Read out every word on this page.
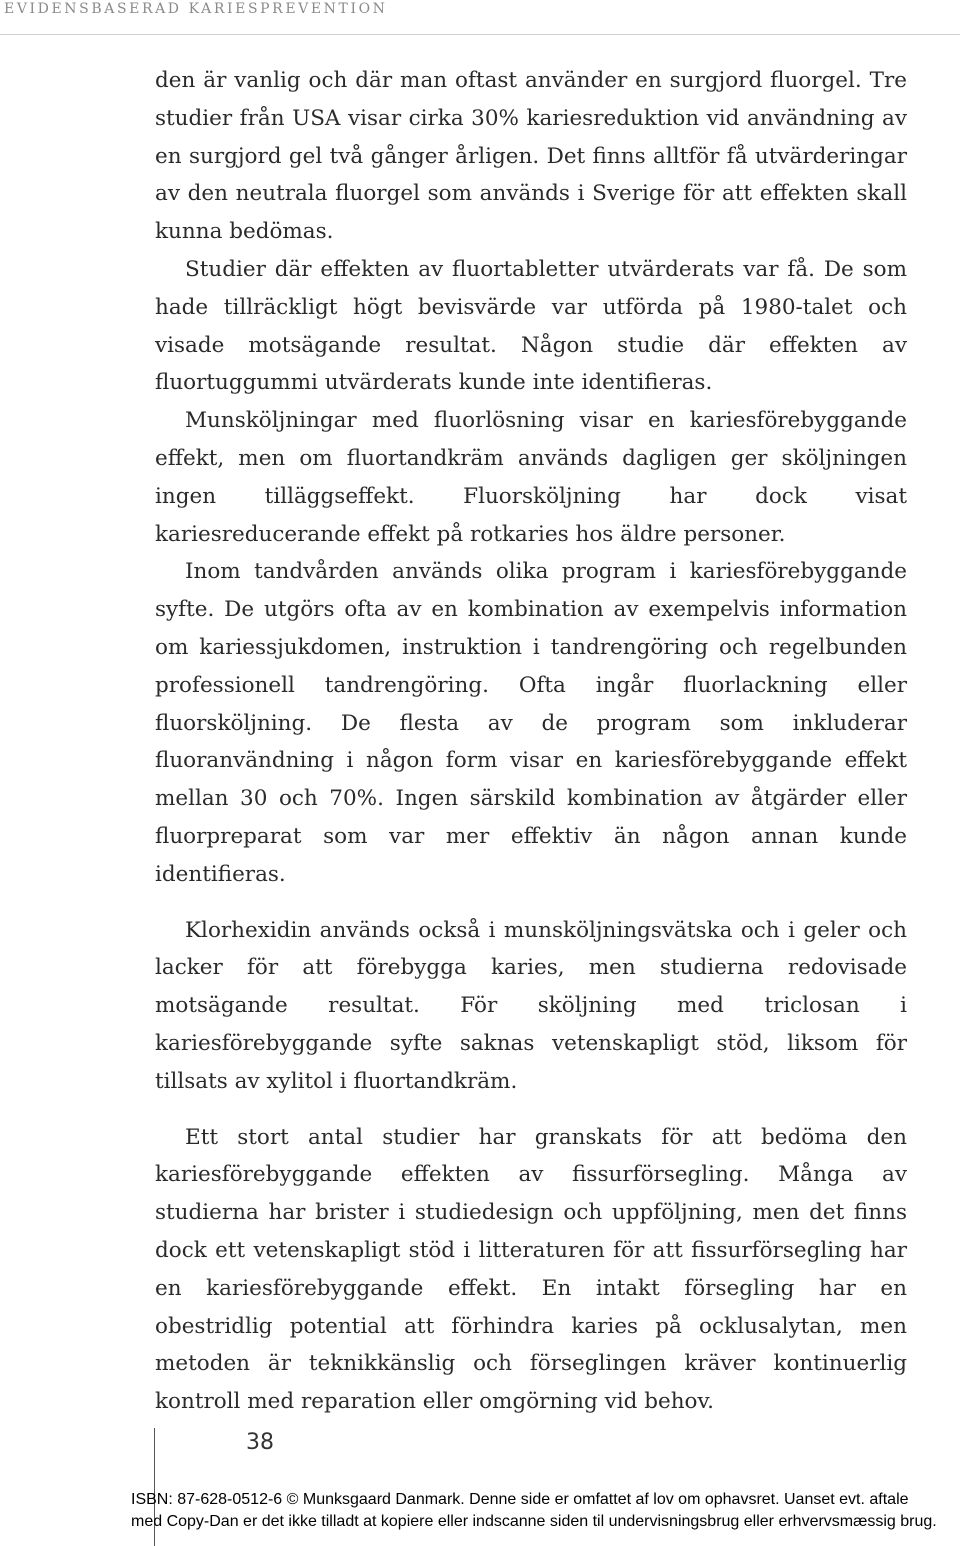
EVIDENSBASERAD KARIESPREVENTION

den är vanlig och där man oftast använder en surgjord fluorgel. Tre studier från USA visar cirka 30% kariesreduktion vid användning av en surgjord gel två gånger årligen. Det finns alltför få utvärderingar av den neutrala fluorgel som används i Sverige för att effekten skall kunna bedömas.

Studier där effekten av fluortabletter utvärderats var få. De som hade tillräckligt högt bevisvärde var utförda på 1980-talet och visade motsägande resultat. Någon studie där effekten av fluortuggummi utvärderats kunde inte identifieras.

Munsköljningar med fluorlösning visar en kariesförebyggande effekt, men om fluortandkräm används dagligen ger sköljningen ingen tilläggseffekt. Fluorsköljning har dock visat kariesreducerande effekt på rotkaries hos äldre personer.

Inom tandvården används olika program i kariesförebyggande syfte. De utgörs ofta av en kombination av exempelvis information om kariessjukdomen, instruktion i tandrengöring och regelbunden professionell tandrengöring. Ofta ingår fluorlackning eller fluorsköljning. De flesta av de program som inkluderar fluoranvändning i någon form visar en kariesförebyggande effekt mellan 30 och 70%. Ingen särskild kombination av åtgärder eller fluorpreparat som var mer effektiv än någon annan kunde identifieras.

Klorhexidin används också i munsköljningsvätska och i geler och lacker för att förebygga karies, men studierna redovisade motsägande resultat. För sköljning med triclosan i kariesförebyggande syfte saknas vetenskapligt stöd, liksom för tillsats av xylitol i fluortandkräm.

Ett stort antal studier har granskats för att bedöma den kariesförebyggande effekten av fissurförsegling. Många av studierna har brister i studiedesign och uppföljning, men det finns dock ett vetenskapligt stöd i litteraturen för att fissurförsegling har en kariesförebyggande effekt. En intakt försegling har en obestridlig potential att förhindra karies på ocklusalytan, men metoden är teknikkänslig och förseglingen kräver kontinuerlig kontroll med reparation eller omgörning vid behov.

38
ISBN: 87-628-0512-6 © Munksgaard Danmark. Denne side er omfattet af lov om ophavsret. Uanset evt. aftale
med Copy-Dan er det ikke tilladt at kopiere eller indscanne siden til undervisningsbrug eller erhvervsmæssig brug.
